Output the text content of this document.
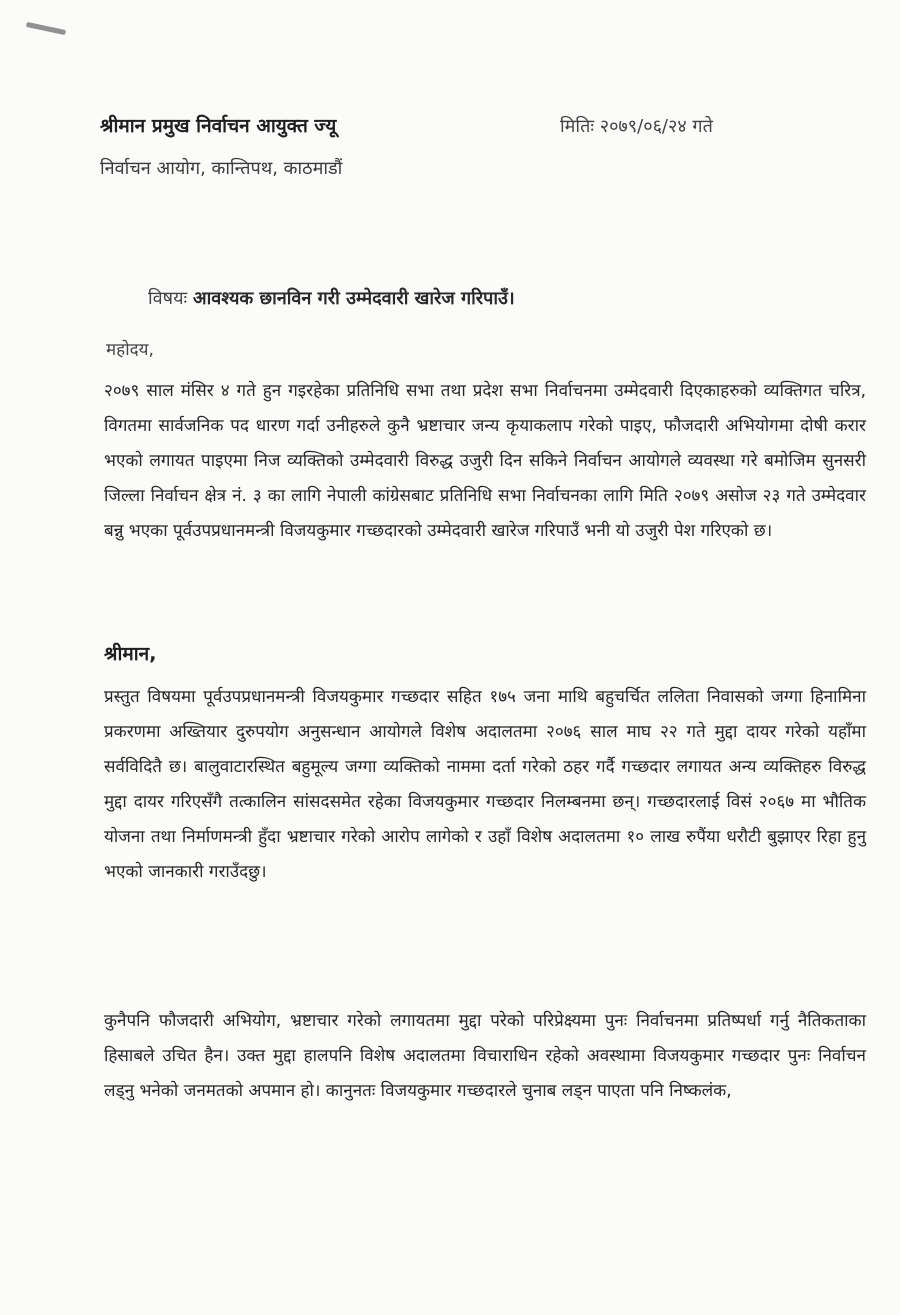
श्रीमान प्रमुख निर्वाचन आयुक्त ज्यू
निर्वाचन आयोग, कान्तिपथ, काठमाडौं
मितिः २०७९/०६/२४ गते
विषयः आवश्यक छानविन गरी उम्मेदवारी खारेज गरिपाउँ।
महोदय,

२०७९ साल मंसिर ४ गते हुन गइरहेका प्रतिनिधि सभा तथा प्रदेश सभा निर्वाचनमा उम्मेदवारी दिएकाहरुको व्यक्तिगत चरित्र, विगतमा सार्वजनिक पद धारण गर्दा उनीहरुले कुनै भ्रष्टाचार जन्य कृयाकलाप गरेको पाइए, फौजदारी अभियोगमा दोषी करार भएको लगायत पाइएमा निज व्यक्तिको उम्मेदवारी विरुद्ध उजुरी दिन सकिने निर्वाचन आयोगले व्यवस्था गरे बमोजिम सुनसरी जिल्ला निर्वाचन क्षेत्र नं. ३ का लागि नेपाली कांग्रेसबाट प्रतिनिधि सभा निर्वाचनका लागि मिति २०७९ असोज २३ गते उम्मेदवार बन्नु भएका पूर्वउपप्रधानमन्त्री विजयकुमार गच्छदारको उम्मेदवारी खारेज गरिपाउँ भनी यो उजुरी पेश गरिएको छ।

श्रीमान,

प्रस्तुत विषयमा पूर्वउपप्रधानमन्त्री विजयकुमार गच्छदार सहित १७५ जना माथि बहुचर्चित ललिता निवासको जग्गा हिनामिना प्रकरणमा अख्तियार दुरुपयोग अनुसन्धान आयोगले विशेष अदालतमा २०७६ साल माघ २२ गते मुद्दा दायर गरेको यहाँमा सर्वविदितै छ। बालुवाटारस्थित बहुमूल्य जग्गा व्यक्तिको नाममा दर्ता गरेको ठहर गर्दै गच्छदार लगायत अन्य व्यक्तिहरु विरुद्ध मुद्दा दायर गरिएसँगै तत्कालिन सांसदसमेत रहेका विजयकुमार गच्छदार निलम्बनमा छन्। गच्छदारलाई विसं २०६७ मा भौतिक योजना तथा निर्माणमन्त्री हुँदा भ्रष्टाचार गरेको आरोप लागेको र उहाँ विशेष अदालतमा १० लाख रुपैंया धरौटी बुझाएर रिहा हुनु भएको जानकारी गराउँदछु।

कुनैपनि फौजदारी अभियोग, भ्रष्टाचार गरेको लगायतमा मुद्दा परेको परिप्रेक्ष्यमा पुनः निर्वाचनमा प्रतिष्पर्धा गर्नु नैतिकताका हिसाबले उचित हैन। उक्त मुद्दा हालपनि विशेष अदालतमा विचाराधिन रहेको अवस्थामा विजयकुमार गच्छदार पुनः निर्वाचन लड्नु भनेको जनमतको अपमान हो। कानुनतः विजयकुमार गच्छदारले चुनाब लड्न पाएता पनि निष्कलंक,
